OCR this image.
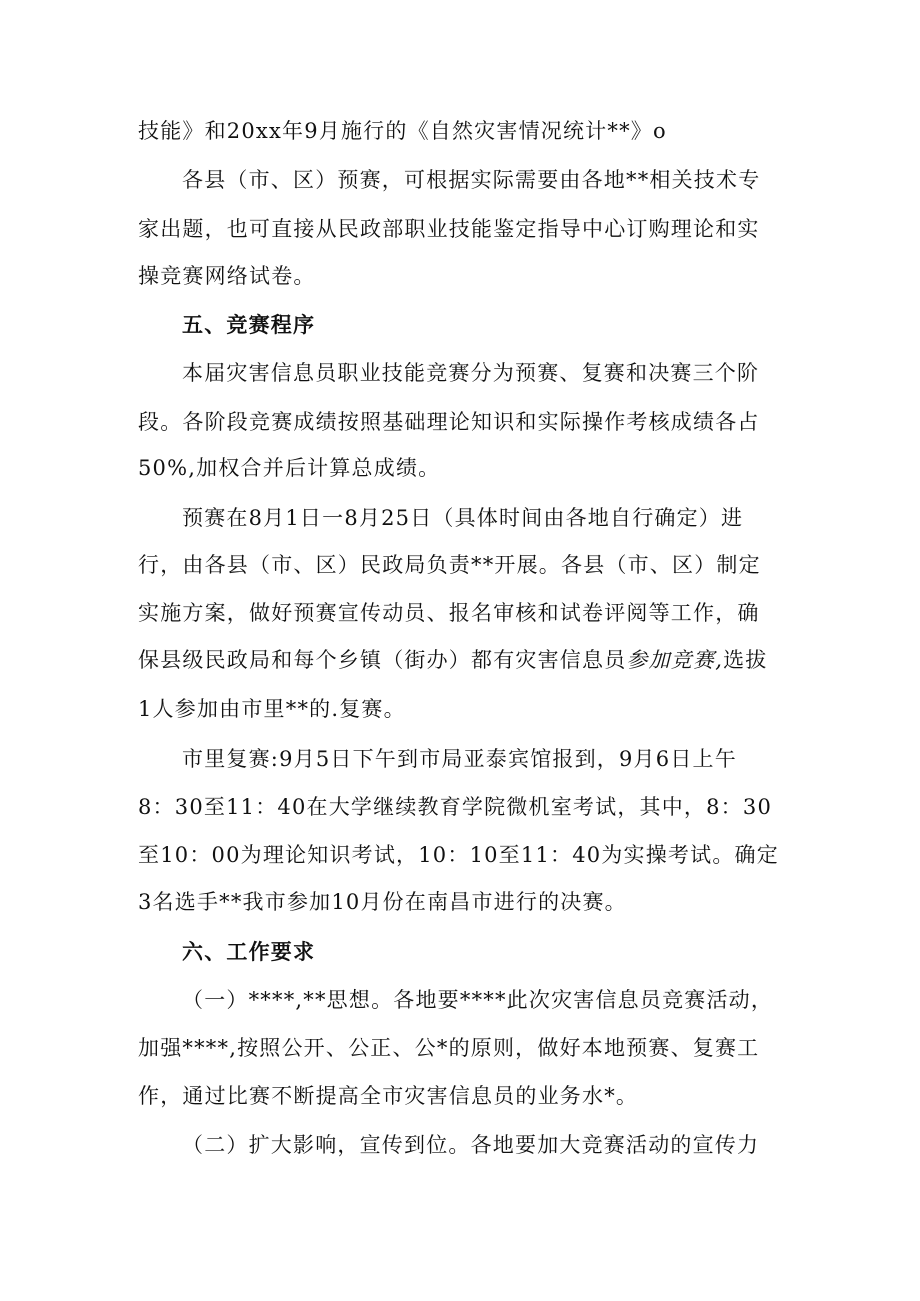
技能》和20xx年9月施行的《自然灾害情况统计**》o
各县（市、区）预赛，可根据实际需要由各地**相关技术专
家出题，也可直接从民政部职业技能鉴定指导中心订购理论和实
操竞赛网络试卷。
五、竞赛程序
本届灾害信息员职业技能竞赛分为预赛、复赛和决赛三个阶
段。各阶段竞赛成绩按照基础理论知识和实际操作考核成绩各占
50%,加权合并后计算总成绩。
预赛在8月1日一8月25日（具体时间由各地自行确定）进
行，由各县（市、区）民政局负责**开展。各县（市、区）制定
实施方案，做好预赛宣传动员、报名审核和试卷评阅等工作，确
保县级民政局和每个乡镇（街办）都有灾害信息员参加竞赛,选拔
1人参加由市里**的.复赛。
市里复赛:9月5日下午到市局亚泰宾馆报到，9月6日上午
8：30至11：40在大学继续教育学院微机室考试，其中，8：30
至10：00为理论知识考试，10：10至11：40为实操考试。确定
3名选手**我市参加10月份在南昌市进行的决赛。
六、工作要求
（一）****,**思想。各地要****此次灾害信息员竞赛活动，
加强****,按照公开、公正、公*的原则，做好本地预赛、复赛工
作，通过比赛不断提高全市灾害信息员的业务水*。
（二）扩大影响，宣传到位。各地要加大竞赛活动的宣传力
